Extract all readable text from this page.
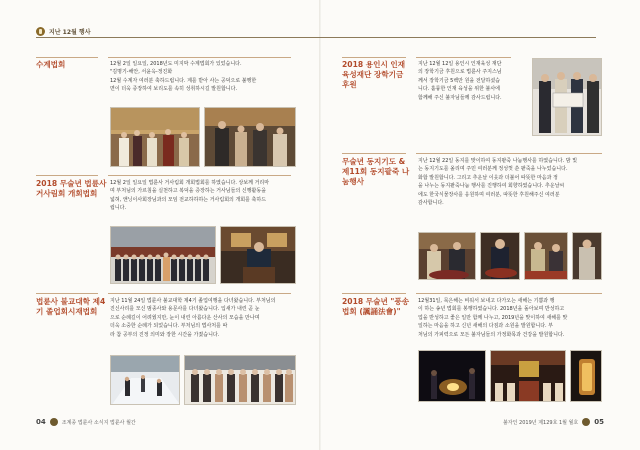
지난 12월 행사
수계법회	12월 2일 일요일, 2018년도 미지막 수계법회가 있었습니다.
"김명기-해안, 서윤옥-정진화
12월 수계자 여러분 축하드립니다. 계를 받아 사는 공덕으로 불행한
면이 더욱 증장하여 보리도를 속히 성취하시길 발원합니다.
2018 무술년 법륜사 거사림회 개회법회
12월 2일 일요일 법륜사 거사림회 개회법회를 하였습니다. 상보께 거리마
며 부처님의 가르침을 실천하고 복덕을 증장하는 거사님들의 신행활동을
넓혀, 앤닝이사회장님과의 모임 전교하하하는 거사림회의 개회를 축하드
립니다.
법륜사 불교대학 제4기 졸업회시재법회
지난 11월 24일 법륜사 불교대학 제4기 졸업여행을 다녀왔습니다. 부처님의
진신사리를 모신 범종사와 용문사를 다녀왔습니다. 입새가 내린 곧 눈
으로 순례길이 어려웠지만, 눈이 내린 아름다운 산사의 모습을 만나며
더욱 소중한 순례가 되었습니다. 부처님의 법사처를 따
라 참 공부의 진정 의미와 장한 시간을 가졌습니다.
2018 용인시 인재육성재단 장학기금 후원
지난 12월 12일 용인시 인재육성 재단
의 장학기금 후원으로 법륜사 주지스님
께서 장학기금 5백만 원을 전달하셨습
니다. 훌륭한 인재 육성을 위한 불사에
함께해 주신 불자님들께 감사드립니다.
무술년 동지기도 & 제11회 동지팥죽 나눔행사
지난 12월 22일 동지를 맞이하여 동지팥죽 나눔행사를 하였습니다. 밤 빛
는 동지기도를 올리며 주민 여러분께 정성껏 쑨 팥죽을 나누었습니다.
화합 발원합니다. 그리고 추운날 이웃과 더불어 따뜻한 마음과 정
을 나누는 동지팥죽나눔 행사를 진행하여 회향하였습니다. 추운날씨
에도 한국식물장사를 응원하며 여러분, 따뜻한 후원해주신 여러분
감사합니다.
2018 무술년 "풍송법회 (諷誦法會)"
12월31일, 묵은해는 비워서 보내고 다가오는 새해는 기쁨과 행
이 하는 송년 법회를 봉행하였습니다. 2018년을 돌아보며 반성하고
업을 반성하고 좋은 일만 함께 나누고, 2019년을 맞이하여 새해를 맞
일하는 마음을 하고 신년 새해의 다짐과 소원을 발원합니다. 부
처님의 가피력으로 모든 불자님들의 가정화목과 건강을 발원합니다.
04	조계종 법륜사 소식지 법륜사 월간	불자인 2019년 제129호 1월 월호 05
